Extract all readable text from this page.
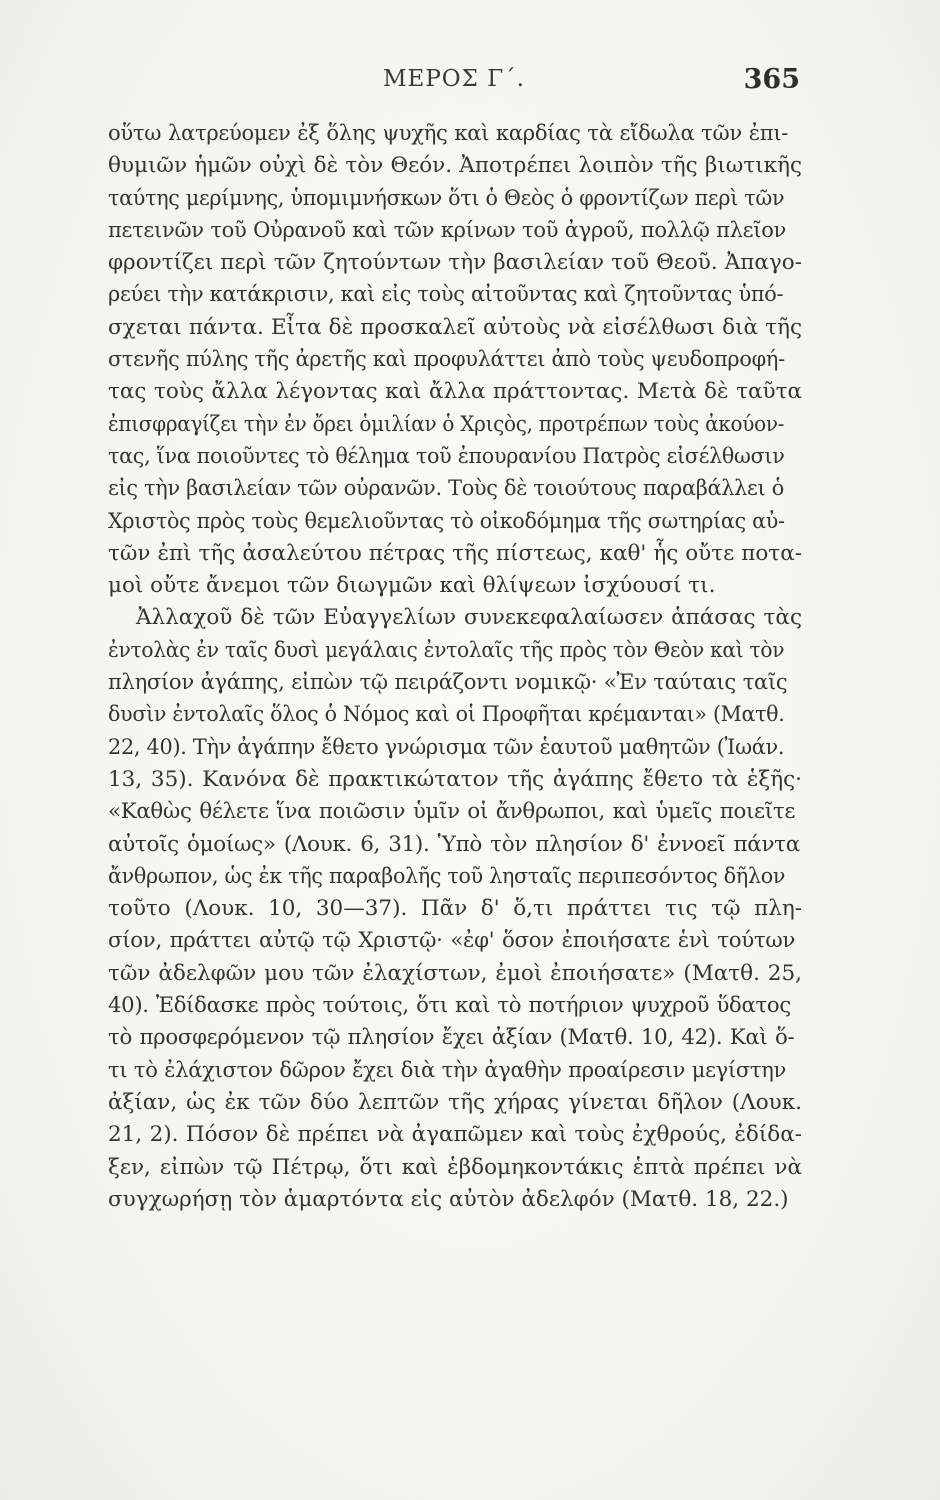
ΜΕΡΟΣ Γ΄.	365
οὕτω λατρεύομεν ἐξ ὅλης ψυχῆς καὶ καρδίας τὰ εἴδωλα τῶν ἐπι-
θυμιῶν ἡμῶν οὐχὶ δὲ τὸν Θεόν. Ἀποτρέπει λοιπὸν τῆς βιωτικῆς
ταύτης μερίμνης, ὑπομιμνήσκων ὅτι ὁ Θεὸς ὁ φροντίζων περὶ τῶν
πετεινῶν τοῦ Οὐρανοῦ καὶ τῶν κρίνων τοῦ ἀγροῦ, πολλῷ πλεῖον
φροντίζει περὶ τῶν ζητούντων τὴν βασιλείαν τοῦ Θεοῦ. Ἀπαγο-
ρεύει τὴν κατάκρισιν, καὶ εἰς τοὺς αἰτοῦντας καὶ ζητοῦντας ὑπό-
σχεται πάντα. Εἶτα δὲ προσκαλεῖ αὐτοὺς νὰ εἰσέλθωσι διὰ τῆς
στενῆς πύλης τῆς ἀρετῆς καὶ προφυλάττει ἀπὸ τοὺς ψευδοπροφή-
τας τοὺς ἄλλα λέγοντας καὶ ἄλλα πράττοντας. Μετὰ δὲ ταῦτα
ἐπισφραγίζει τὴν ἐν ὄρει ὁμιλίαν ὁ Χριςὸς, προτρέπων τοὺς ἀκούον-
τας, ἵνα ποιοῦντες τὸ θέλημα τοῦ ἐπουρανίου Πατρὸς εἰσέλθωσιν
εἰς τὴν βασιλείαν τῶν οὐρανῶν. Τοὺς δὲ τοιούτους παραβάλλει ὁ
Χριστὸς πρὸς τοὺς θεμελιοῦντας τὸ οἰκοδόμημα τῆς σωτηρίας αὐ-
τῶν ἐπὶ τῆς ἀσαλεύτου πέτρας τῆς πίστεως, καθ' ἧς οὔτε ποτα-
μοὶ οὔτε ἄνεμοι τῶν διωγμῶν καὶ θλίψεων ἰσχύουσί τι.
Ἀλλαχοῦ δὲ τῶν Εὐαγγελίων συνεκεφαλαίωσεν ἁπάσας τὰς
ἐντολὰς ἐν ταῖς δυσὶ μεγάλαις ἐντολαῖς τῆς πρὸς τὸν Θεὸν καὶ τὸν
πλησίον ἀγάπης, εἰπὼν τῷ πειράζοντι νομικῷ· «Ἐν ταύταις ταῖς
δυσὶν ἐντολαῖς ὅλος ὁ Νόμος καὶ οἱ Προφῆται κρέμανται» (Ματθ.
22, 40). Τὴν ἀγάπην ἔθετο γνώρισμα τῶν ἑαυτοῦ μαθητῶν (Ἰωάν.
13, 35). Κανόνα δὲ πρακτικώτατον τῆς ἀγάπης ἔθετο τὰ ἑξῆς·
«Καθὼς θέλετε ἵνα ποιῶσιν ὑμῖν οἱ ἄνθρωποι, καὶ ὑμεῖς ποιεῖτε
αὐτοῖς ὁμοίως» (Λουκ. 6, 31). Ὑπὸ τὸν πλησίον δ' ἐννοεῖ πάντα
ἄνθρωπον, ὡς ἐκ τῆς παραβολῆς τοῦ λησταῖς περιπεσόντος δῆλον
τοῦτο (Λουκ. 10, 30—37). Πᾶν δ' ὅ,τι πράττει τις τῷ πλη-
σίον, πράττει αὐτῷ τῷ Χριστῷ· «ἐφ' ὅσον ἐποιήσατε ἑνὶ τούτων
τῶν ἀδελφῶν μου τῶν ἐλαχίστων, ἐμοὶ ἐποιήσατε» (Ματθ. 25,
40). Ἐδίδασκε πρὸς τούτοις, ὅτι καὶ τὸ ποτήριον ψυχροῦ ὕδατος
τὸ προσφερόμενον τῷ πλησίον ἔχει ἀξίαν (Ματθ. 10, 42). Καὶ ὅ-
τι τὸ ἐλάχιστον δῶρον ἔχει διὰ τὴν ἀγαθὴν προαίρεσιν μεγίστην
ἀξίαν, ὡς ἐκ τῶν δύο λεπτῶν τῆς χήρας γίνεται δῆλον (Λουκ.
21, 2). Πόσον δὲ πρέπει νὰ ἀγαπῶμεν καὶ τοὺς ἐχθρούς, ἐδίδα-
ξεν, εἰπὼν τῷ Πέτρῳ, ὅτι καὶ ἑβδομηκοντάκις ἑπτὰ πρέπει νὰ
συγχωρήσῃ τὸν ἁμαρτόντα εἰς αὐτὸν ἀδελφόν (Ματθ. 18, 22.)
